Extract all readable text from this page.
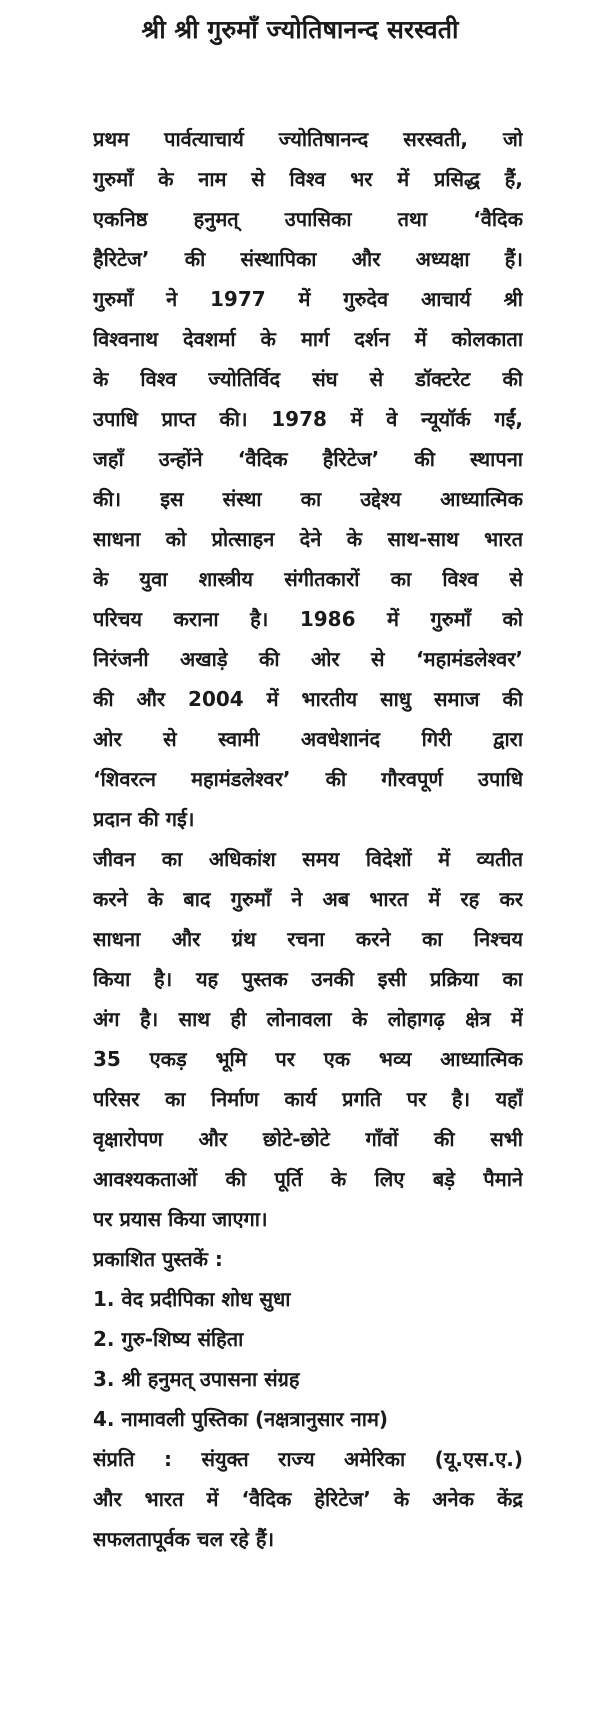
श्री श्री गुरुमाँ ज्योतिषानन्द सरस्वती
प्रथम पार्वत्याचार्य ज्योतिषानन्द सरस्वती, जो
गुरुमाँ के नाम से विश्व भर में प्रसिद्ध हैं,
एकनिष्ठ हनुमत् उपासिका तथा ‘वैदिक
हैरिटेज’ की संस्थापिका और अध्यक्षा हैं।
गुरुमाँ ने 1977 में गुरुदेव आचार्य श्री
विश्वनाथ देवशर्मा के मार्ग दर्शन में कोलकाता
के विश्व ज्योतिर्विद संघ से डॉक्टरेट की
उपाधि प्राप्त की। 1978 में वे न्यूयॉर्क गईं,
जहाँ उन्होंने ‘वैदिक हैरिटेज’ की स्थापना
की। इस संस्था का उद्देश्य आध्यात्मिक
साधना को प्रोत्साहन देने के साथ-साथ भारत
के युवा शास्त्रीय संगीतकारों का विश्व से
परिचय कराना है। 1986 में गुरुमाँ को
निरंजनी अखाड़े की ओर से ‘महामंडलेश्वर’
की और 2004 में भारतीय साधु समाज की
ओर से स्वामी अवधेशानंद गिरी द्वारा
‘शिवरत्न महामंडलेश्वर’ की गौरवपूर्ण उपाधि
प्रदान की गई।
जीवन का अधिकांश समय विदेशों में व्यतीत
करने के बाद गुरुमाँ ने अब भारत में रह कर
साधना और ग्रंथ रचना करने का निश्चय
किया है। यह पुस्तक उनकी इसी प्रक्रिया का
अंग है। साथ ही लोनावला के लोहागढ़ क्षेत्र में
35 एकड़ भूमि पर एक भव्य आध्यात्मिक
परिसर का निर्माण कार्य प्रगति पर है। यहाँ
वृक्षारोपण और छोटे-छोटे गाँवों की सभी
आवश्यकताओं की पूर्ति के लिए बड़े पैमाने
पर प्रयास किया जाएगा।
प्रकाशित पुस्तकें :
1. वेद प्रदीपिका शोध सुधा
2. गुरु-शिष्य संहिता
3. श्री हनुमत् उपासना संग्रह
4. नामावली पुस्तिका (नक्षत्रानुसार नाम)
संप्रति : संयुक्त राज्य अमेरिका (यू.एस.ए.)
और भारत में ‘वैदिक हेरिटेज’ के अनेक केंद्र
सफलतापूर्वक चल रहे हैं।
